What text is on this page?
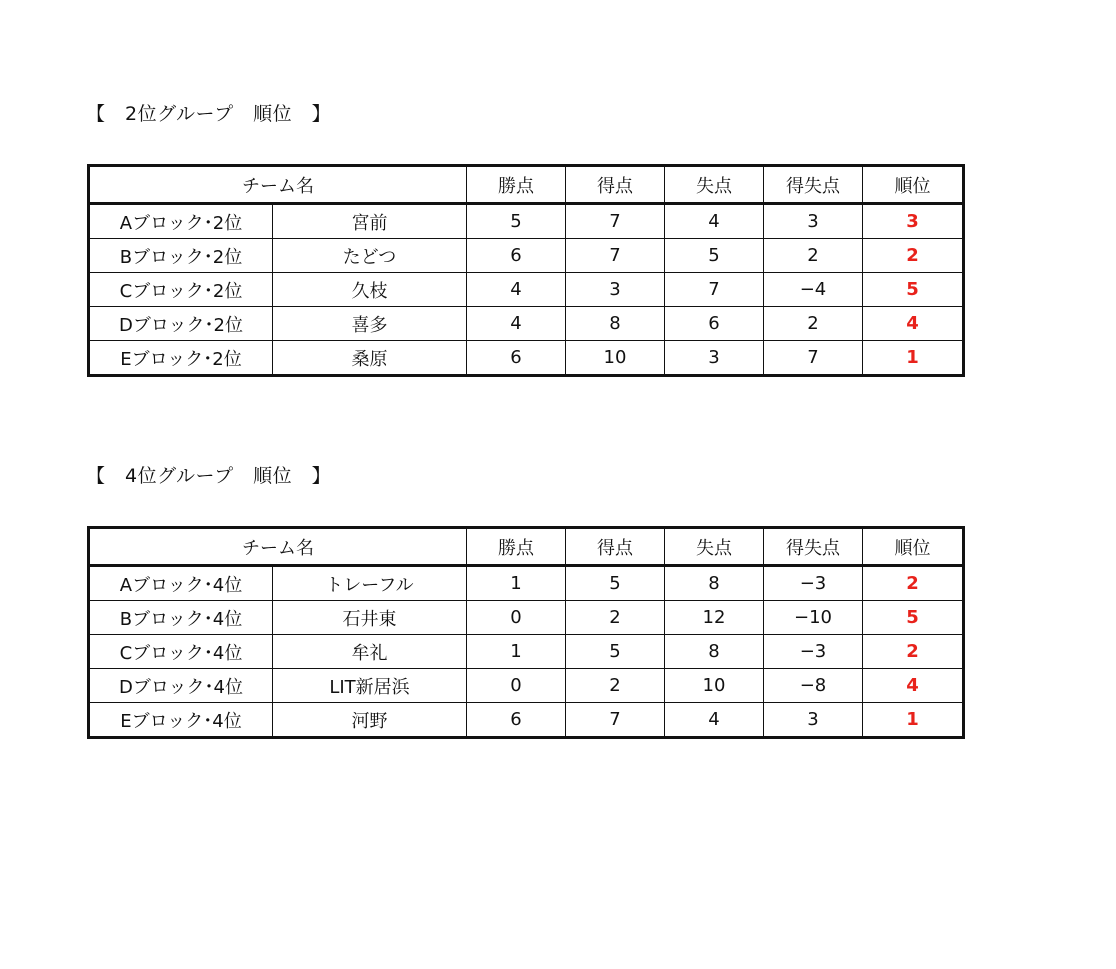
【　2位グループ　順位　】
チーム名		勝点	得点	失点	得失点	順位
Aブロック･2位	宮前	5	7	4	3	3
Bブロック･2位	たどつ	6	7	5	2	2
Cブロック･2位	久枝	4	3	7	−4	5
Dブロック･2位	喜多	4	8	6	2	4
Eブロック･2位	桑原	6	10	3	7	1
【　4位グループ　順位　】
チーム名		勝点	得点	失点	得失点	順位
Aブロック･4位	トレーフル	1	5	8	−3	2
Bブロック･4位	石井東	0	2	12	−10	5
Cブロック･4位	牟礼	1	5	8	−3	2
Dブロック･4位	LIT新居浜	0	2	10	−8	4
Eブロック･4位	河野	6	7	4	3	1
